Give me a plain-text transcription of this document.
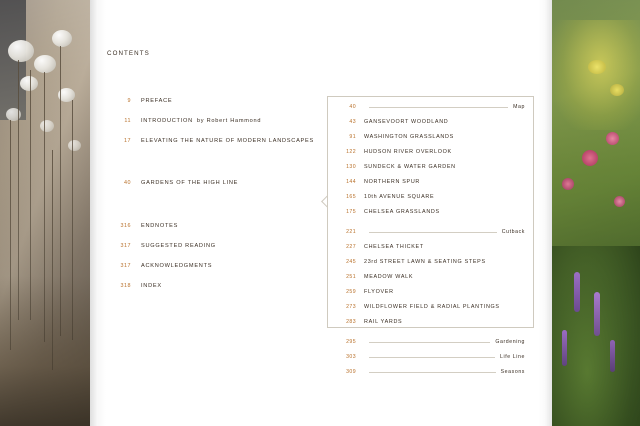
CONTENTS
9	PREFACE
11	INTRODUCTION by Robert Hammond
17	ELEVATING THE NATURE OF MODERN LANDSCAPES
40	GARDENS OF THE HIGH LINE
316	ENDNOTES
317	SUGGESTED READING
317	ACKNOWLEDGMENTS
318	INDEX
40	Map
43	GANSEVOORT WOODLAND
91	WASHINGTON GRASSLANDS
122	HUDSON RIVER OVERLOOK
130	SUNDECK & WATER GARDEN
144	NORTHERN SPUR
165	10th AVENUE SQUARE
175	CHELSEA GRASSLANDS
221	Cutback
227	CHELSEA THICKET
245	23rd STREET LAWN & SEATING STEPS
251	MEADOW WALK
259	FLYOVER
273	WILDFLOWER FIELD & RADIAL PLANTINGS
283	RAIL YARDS
295	Gardening
303	Life Line
309	Seasons
